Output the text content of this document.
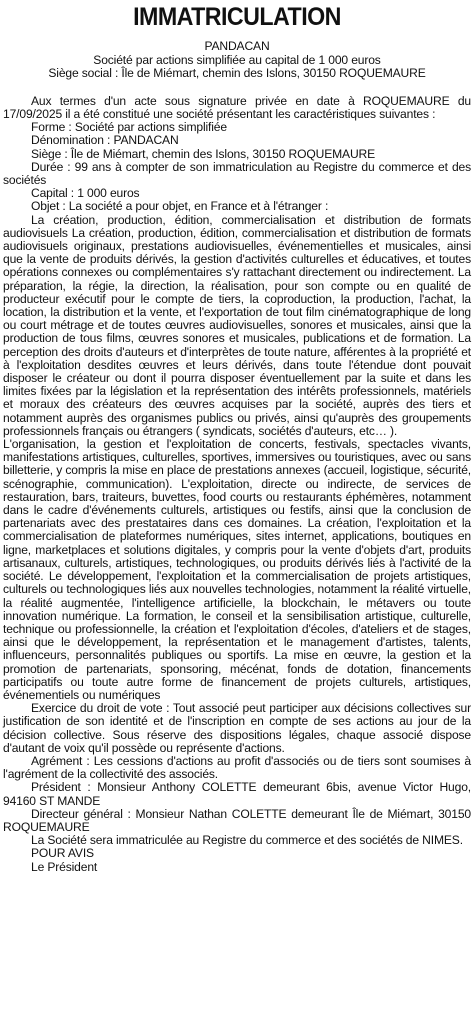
IMMATRICULATION

PANDACAN

Société par actions simplifiée au capital de 1 000 euros

Siège social : Île de Miémart, chemin des Islons, 30150 ROQUEMAURE

Aux termes d'un acte sous signature privée en date à ROQUEMAURE du 17/09/2025 il a été constitué une société présentant les caractéristiques suivantes :

Forme : Société par actions simplifiée

Dénomination : PANDACAN

Siège : Île de Miémart, chemin des Islons, 30150 ROQUEMAURE

Durée : 99 ans à compter de son immatriculation au Registre du commerce et des sociétés

Capital : 1 000 euros

Objet : La société a pour objet, en France et à l'étranger :

La création, production, édition, commercialisation et distribution de formats audiovisuels La création, production, édition, commercialisation et distribution de formats audiovisuels originaux, prestations audiovisuelles, événementielles et musicales, ainsi que la vente de produits dérivés, la gestion d'activités culturelles et éducatives, et toutes opérations connexes ou complémentaires s'y rattachant directement ou indirectement. La préparation, la régie, la direction, la réalisation, pour son compte ou en qualité de producteur exécutif pour le compte de tiers, la coproduction, la production, l'achat, la location, la distribution et la vente, et l'exportation de tout film cinématographique de long ou court métrage et de toutes œuvres audiovisuelles, sonores et musicales, ainsi que la production de tous films, œuvres sonores et musicales, publications et de formation. La perception des droits d'auteurs et d'interprètes de toute nature, afférentes à la propriété et à l'exploitation desdites œuvres et leurs dérivés, dans toute l'étendue dont pouvait disposer le créateur ou dont il pourra disposer éventuellement par la suite et dans les limites fixées par la législation et la représentation des intérêts professionnels, matériels et moraux des créateurs des œuvres acquises par la société, auprès des tiers et notamment auprès des organismes publics ou privés, ainsi qu'auprès des groupements professionnels français ou étrangers ( syndicats, sociétés d'auteurs, etc… ).

L'organisation, la gestion et l'exploitation de concerts, festivals, spectacles vivants, manifestations artistiques, culturelles, sportives, immersives ou touristiques, avec ou sans billetterie, y compris la mise en place de prestations annexes (accueil, logistique, sécurité, scénographie, communication). L'exploitation, directe ou indirecte, de services de restauration, bars, traiteurs, buvettes, food courts ou restaurants éphémères, notamment dans le cadre d'événements culturels, artistiques ou festifs, ainsi que la conclusion de partenariats avec des prestataires dans ces domaines. La création, l'exploitation et la commercialisation de plateformes numériques, sites internet, applications, boutiques en ligne, marketplaces et solutions digitales, y compris pour la vente d'objets d'art, produits artisanaux, culturels, artistiques, technologiques, ou produits dérivés liés à l'activité de la société. Le développement, l'exploitation et la commercialisation de projets artistiques, culturels ou technologiques liés aux nouvelles technologies, notamment la réalité virtuelle, la réalité augmentée, l'intelligence artificielle, la blockchain, le métavers ou toute innovation numérique. La formation, le conseil et la sensibilisation artistique, culturelle, technique ou professionnelle, la création et l'exploitation d'écoles, d'ateliers et de stages, ainsi que le développement, la représentation et le management d'artistes, talents, influenceurs, personnalités publiques ou sportifs. La mise en œuvre, la gestion et la promotion de partenariats, sponsoring, mécénat, fonds de dotation, financements participatifs ou toute autre forme de financement de projets culturels, artistiques, événementiels ou numériques

Exercice du droit de vote : Tout associé peut participer aux décisions collectives sur justification de son identité et de l'inscription en compte de ses actions au jour de la décision collective. Sous réserve des dispositions légales, chaque associé dispose d'autant de voix qu'il possède ou représente d'actions.

Agrément : Les cessions d'actions au profit d'associés ou de tiers sont soumises à l'agrément de la collectivité des associés.

Président : Monsieur Anthony COLETTE demeurant 6bis, avenue Victor Hugo, 94160 ST MANDE

Directeur général : Monsieur Nathan COLETTE demeurant Île de Miémart, 30150 ROQUEMAURE

La Société sera immatriculée au Registre du commerce et des sociétés de NIMES.

POUR AVIS

Le Président
